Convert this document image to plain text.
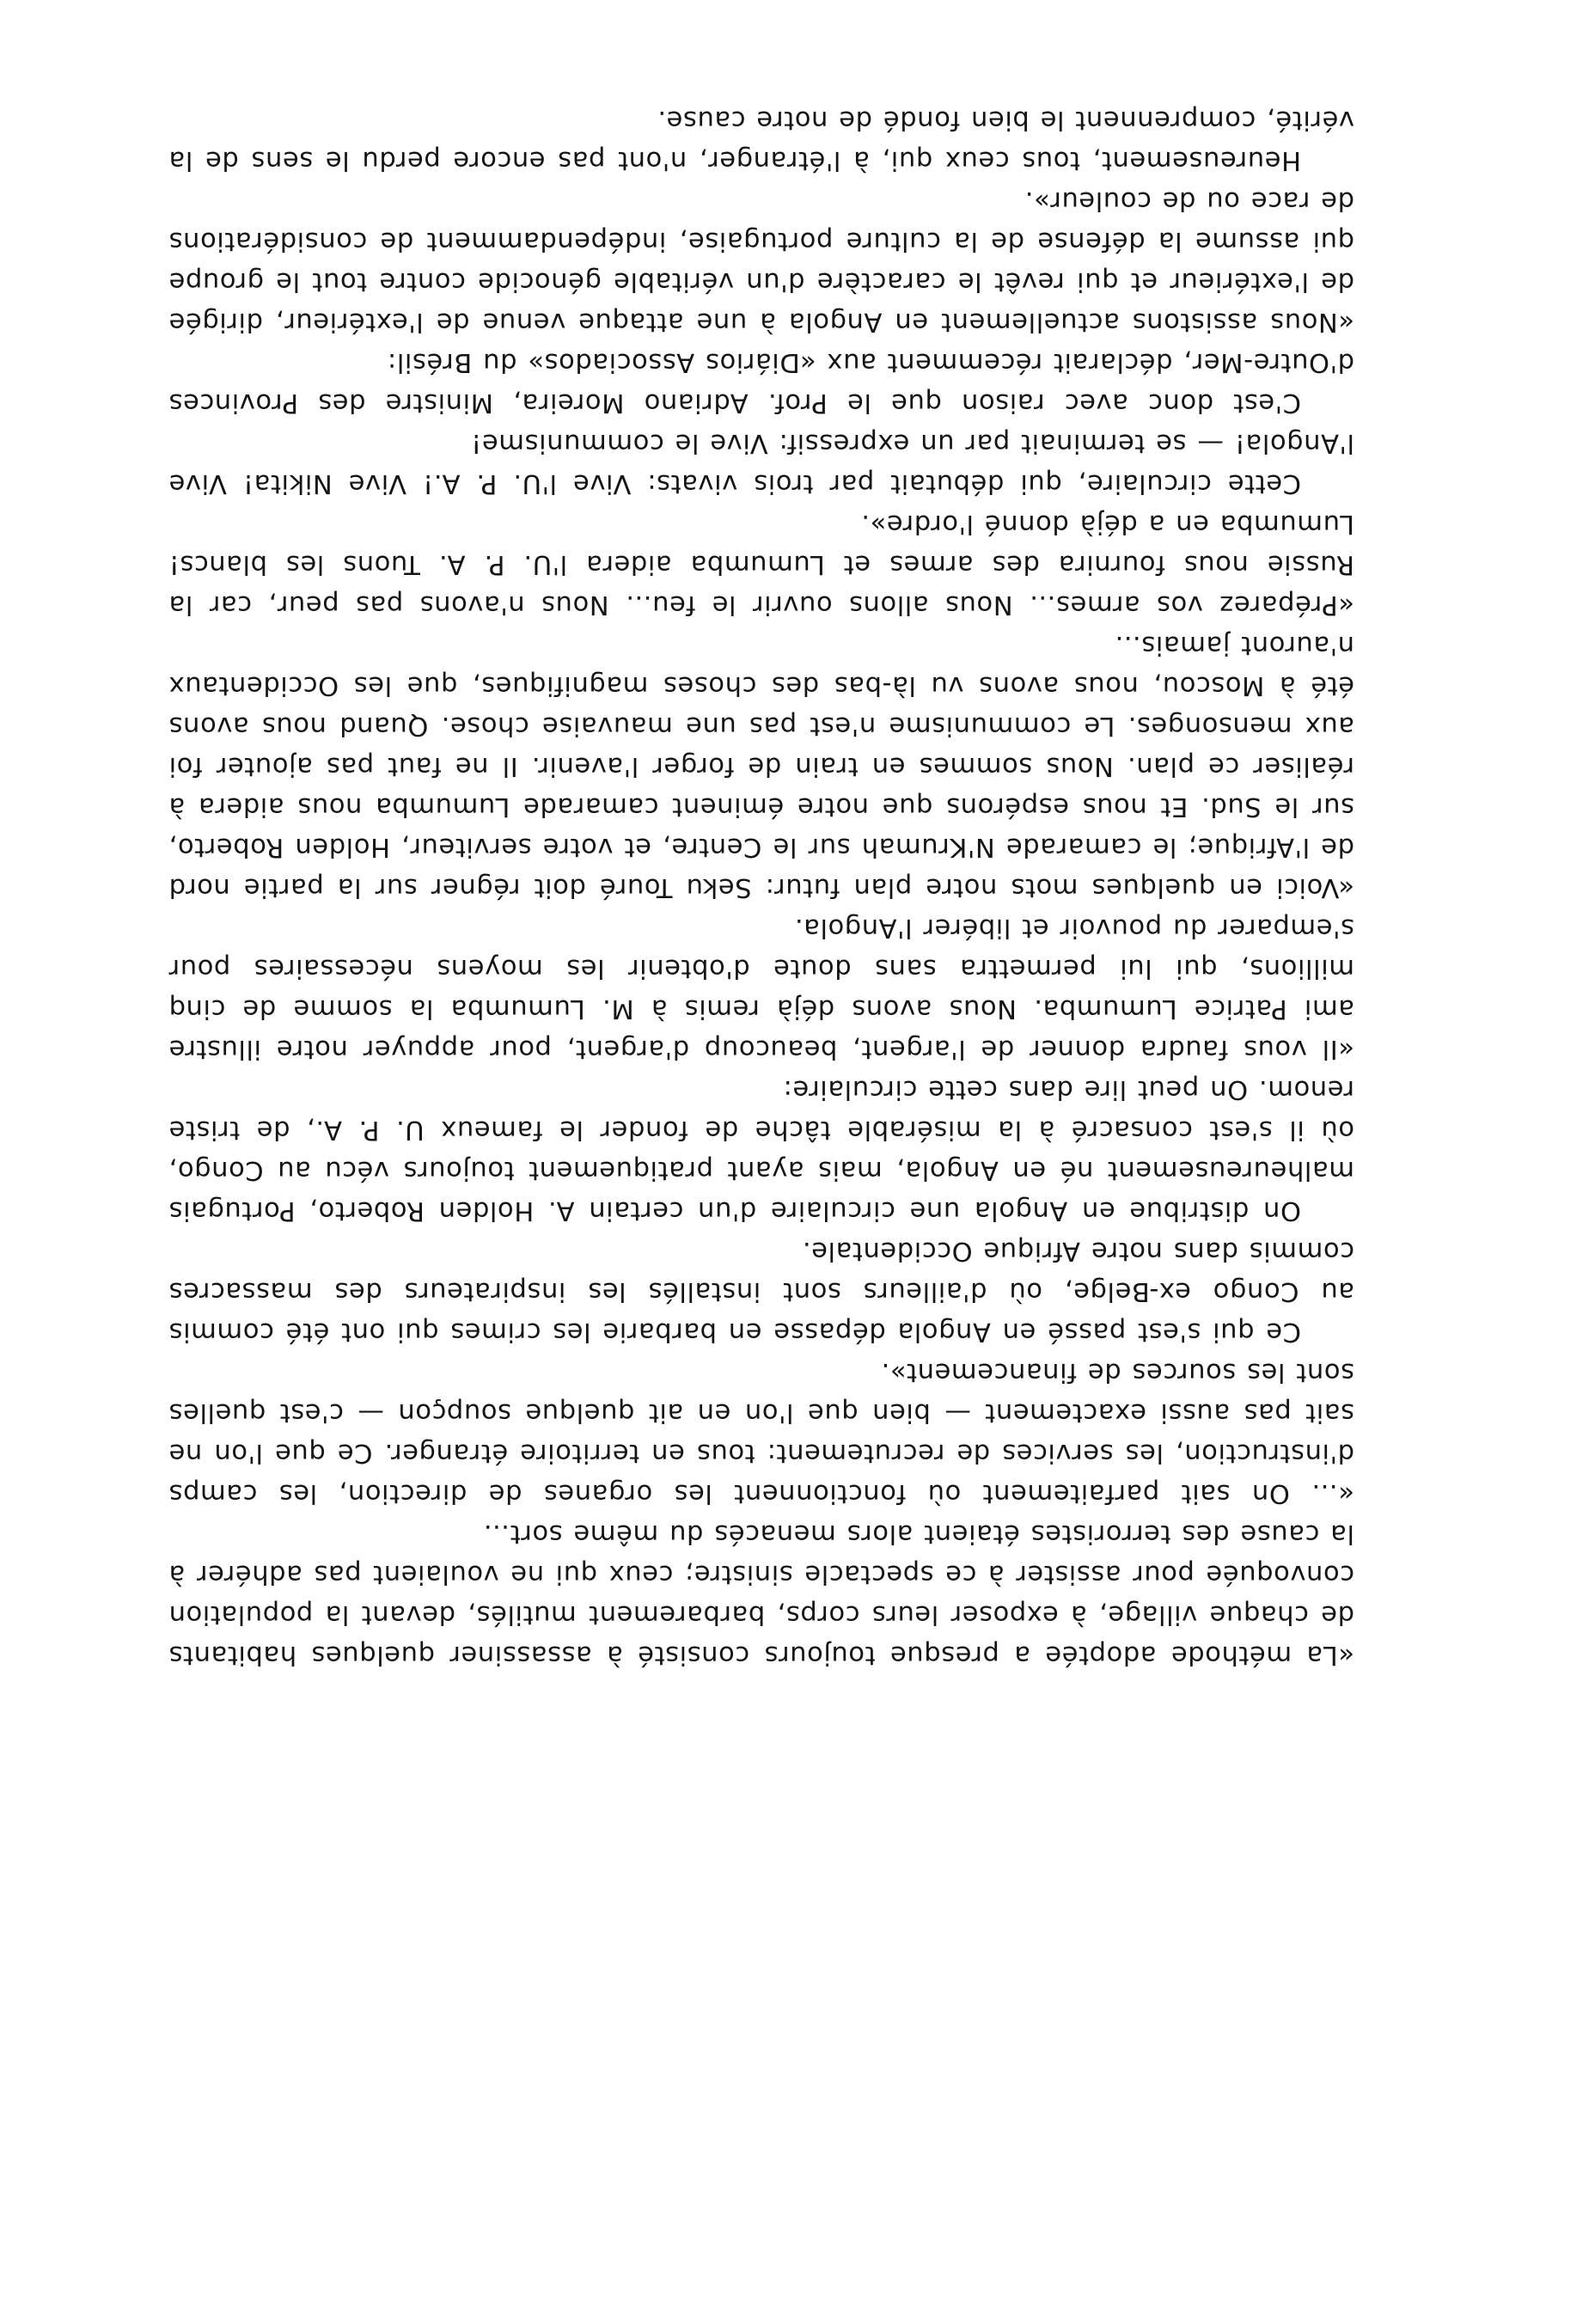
«La méthode adoptée a presque toujours consisté à assassiner quelques habitants de chaque village, à exposer leurs corps, barbarement mutilés, devant la population convoquée pour assister à ce spectacle sinistre; ceux qui ne voulaient pas adhérer à la cause des terroristes étaient alors menacés du même sort…

«… On sait parfaitement où fonctionnent les organes de direction, les camps d'instruction, les services de recrutement: tous en territoire étranger. Ce que l'on ne sait pas aussi exactement — bien que l'on en ait quelque soupçon — c'est quelles sont les sources de financement».

Ce qui s'est passé en Angola dépasse en barbarie les crimes qui ont été commis au Congo ex-Belge, où d'ailleurs sont installés les inspirateurs des massacres commis dans notre Afrique Occidentale.

On distribue en Angola une circulaire d'un certain A. Holden Roberto, Portugais malheureusement né en Angola, mais ayant pratiquement toujours vécu au Congo, où il s'est consacré à la misérable tâche de fonder le fameux U. P. A., de triste renom. On peut lire dans cette circulaire:

«Il vous faudra donner de l'argent, beaucoup d'argent, pour appuyer notre illustre ami Patrice Lumumba. Nous avons déjà remis à M. Lumumba la somme de cinq millions, qui lui permettra sans doute d'obtenir les moyens nécessaires pour s'emparer du pouvoir et libérer l'Angola.

«Voici en quelques mots notre plan futur: Seku Touré doit régner sur la partie nord de l'Afrique; le camarade N'Krumah sur le Centre, et votre serviteur, Holden Roberto, sur le Sud. Et nous espérons que notre éminent camarade Lumumba nous aidera à réaliser ce plan. Nous sommes en train de forger l'avenir. Il ne faut pas ajouter foi aux mensonges. Le communisme n'est pas une mauvaise chose. Quand nous avons été à Moscou, nous avons vu là-bas des choses magnifiques, que les Occidentaux n'auront jamais…

«Préparez vos armes… Nous allons ouvrir le feu… Nous n'avons pas peur, car la Russie nous fournira des armes et Lumumba aidera l'U. P. A. Tuons les blancs! Lumumba en a déjà donné l'ordre».

Cette circulaire, qui débutait par trois vivats: Vive l'U. P. A.! Vive Nikita! Vive l'Angola! — se terminait par un expressif: Vive le communisme!

C'est donc avec raison que le Prof. Adriano Moreira, Ministre des Provinces d'Outre-Mer, déclarait récemment aux «Diários Associados» du Brésil:

«Nous assistons actuellement en Angola à une attaque venue de l'extérieur, dirigée de l'extérieur et qui revêt le caractère d'un véritable génocide contre tout le groupe qui assume la défense de la culture portugaise, indépendamment de considérations de race ou de couleur».

Heureusement, tous ceux qui, à l'étranger, n'ont pas encore perdu le sens de la vérité, comprennent le bien fondé de notre cause.
